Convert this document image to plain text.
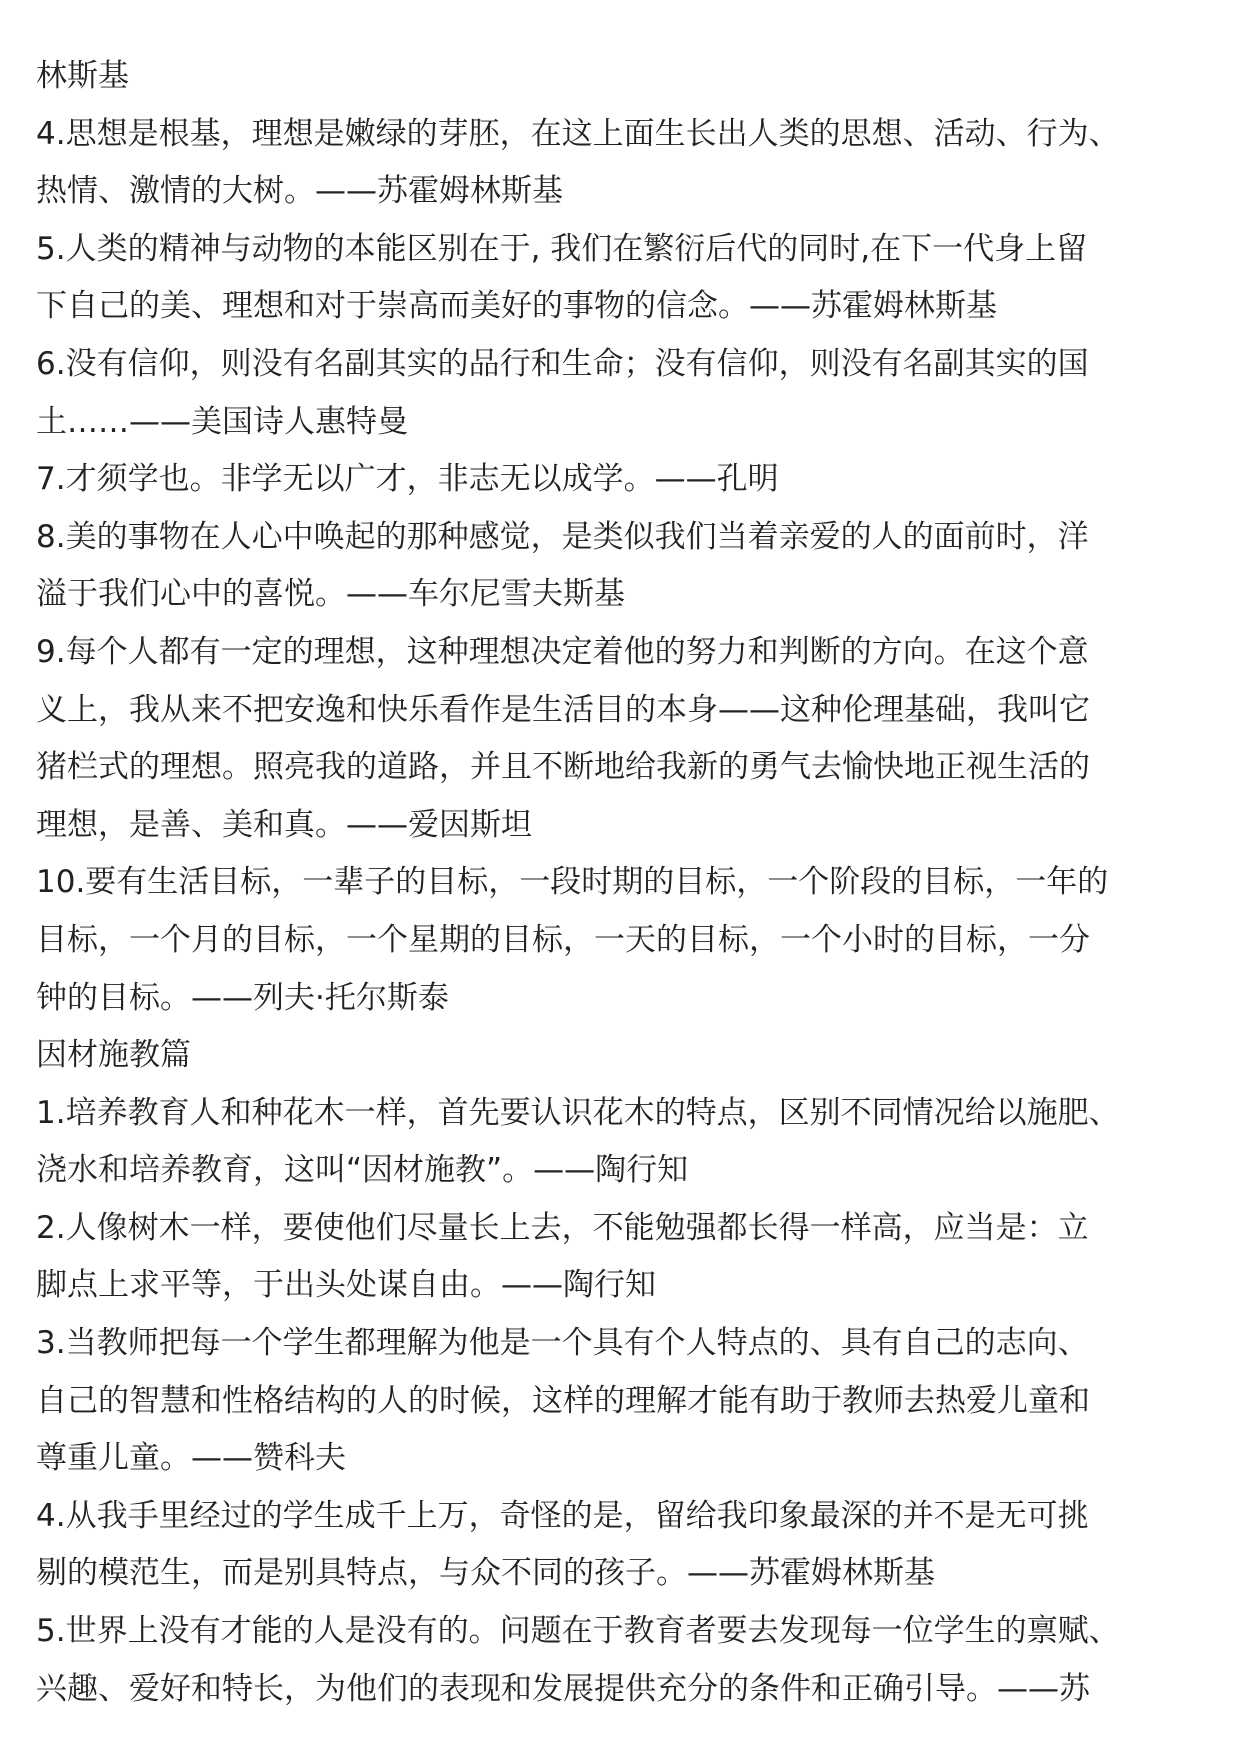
林斯基
4.思想是根基，理想是嫩绿的芽胚，在这上面生长出人类的思想、活动、行为、
热情、激情的大树。——苏霍姆林斯基
5.人类的精神与动物的本能区别在于, 我们在繁衍后代的同时,在下一代身上留
下自己的美、理想和对于崇高而美好的事物的信念。——苏霍姆林斯基
6.没有信仰，则没有名副其实的品行和生命；没有信仰，则没有名副其实的国
土……——美国诗人惠特曼
7.才须学也。非学无以广才，非志无以成学。——孔明
8.美的事物在人心中唤起的那种感觉，是类似我们当着亲爱的人的面前时，洋
溢于我们心中的喜悦。——车尔尼雪夫斯基
9.每个人都有一定的理想，这种理想决定着他的努力和判断的方向。在这个意
义上，我从来不把安逸和快乐看作是生活目的本身——这种伦理基础，我叫它
猪栏式的理想。照亮我的道路，并且不断地给我新的勇气去愉快地正视生活的
理想，是善、美和真。——爱因斯坦
10.要有生活目标，一辈子的目标，一段时期的目标，一个阶段的目标，一年的
目标，一个月的目标，一个星期的目标，一天的目标，一个小时的目标，一分
钟的目标。——列夫·托尔斯泰
因材施教篇
1.培养教育人和种花木一样，首先要认识花木的特点，区别不同情况给以施肥、
浇水和培养教育，这叫“因材施教”。——陶行知
2.人像树木一样，要使他们尽量长上去，不能勉强都长得一样高，应当是：立
脚点上求平等，于出头处谋自由。——陶行知
3.当教师把每一个学生都理解为他是一个具有个人特点的、具有自己的志向、
自己的智慧和性格结构的人的时候，这样的理解才能有助于教师去热爱儿童和
尊重儿童。——赞科夫
4.从我手里经过的学生成千上万，奇怪的是，留给我印象最深的并不是无可挑
剔的模范生，而是别具特点，与众不同的孩子。——苏霍姆林斯基
5.世界上没有才能的人是没有的。问题在于教育者要去发现每一位学生的禀赋、
兴趣、爱好和特长，为他们的表现和发展提供充分的条件和正确引导。——苏
